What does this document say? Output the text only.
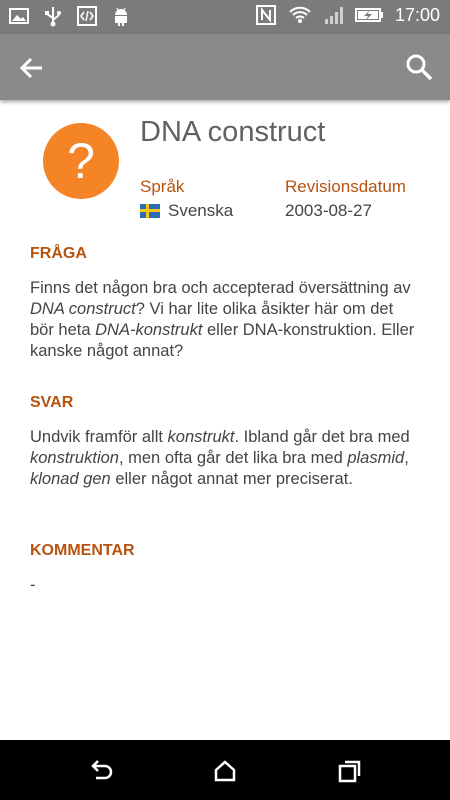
17:00
?
DNA construct
Språk
Svenska
Revisionsdatum
2003-08-27
FRÅGA
Finns det någon bra och accepterad översättning av DNA construct? Vi har lite olika åsikter här om det bör heta DNA-konstrukt eller DNA-konstruktion. Eller kanske något annat?
SVAR
Undvik framför allt konstrukt. Ibland går det bra med konstruktion, men ofta går det lika bra med plasmid, klonad gen eller något annat mer preciserat.
KOMMENTAR
-
